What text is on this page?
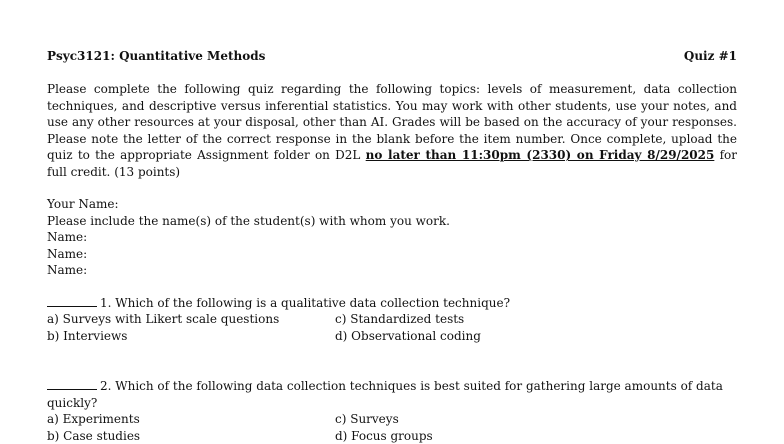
Psyc3121: Quantitative Methods	Quiz #1
Please complete the following quiz regarding the following topics: levels of measurement, data collection techniques, and descriptive versus inferential statistics. You may work with other students, use your notes, and use any other resources at your disposal, other than AI. Grades will be based on the accuracy of your responses. Please note the letter of the correct response in the blank before the item number. Once complete, upload the quiz to the appropriate Assignment folder on D2L no later than 11:30pm (2330) on Friday 8/29/2025 for full credit. (13 points)
Your Name:
Please include the name(s) of the student(s) with whom you work.
Name:
Name:
Name:
1. Which of the following is a qualitative data collection technique?
a) Surveys with Likert scale questions	c) Standardized tests
b) Interviews	d) Observational coding
2. Which of the following data collection techniques is best suited for gathering large amounts of data quickly?
a) Experiments	c) Surveys
b) Case studies	d) Focus groups
